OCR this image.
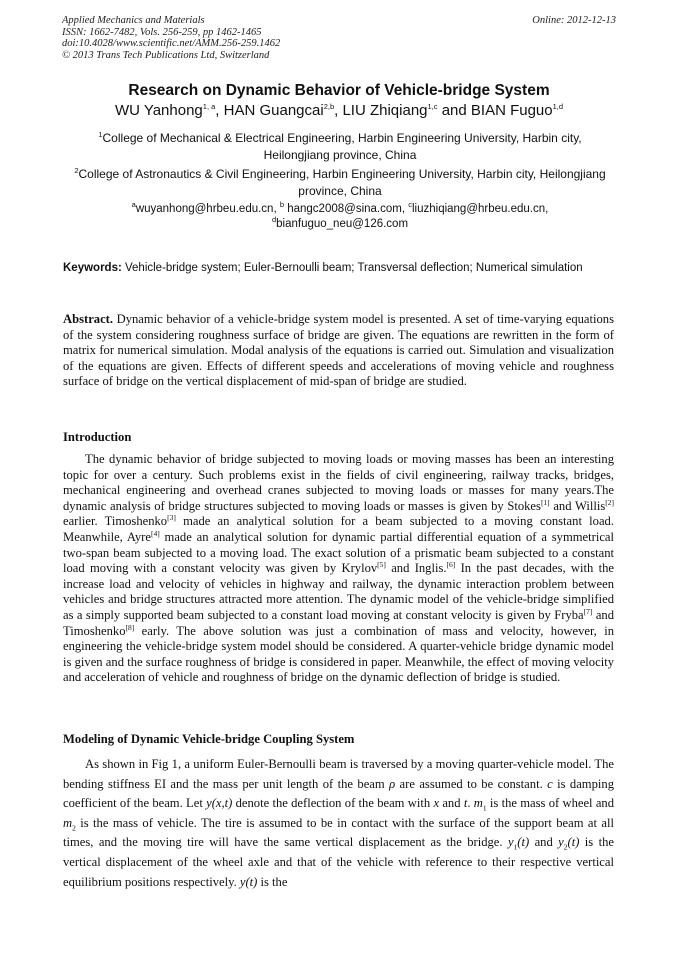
Applied Mechanics and Materials
ISSN: 1662-7482, Vols. 256-259, pp 1462-1465
doi:10.4028/www.scientific.net/AMM.256-259.1462
© 2013 Trans Tech Publications Ltd, Switzerland
Online: 2012-12-13
Research on Dynamic Behavior of Vehicle-bridge System
WU Yanhong$^{1, a}$, HAN Guangcai$^{2,b}$, LIU Zhiqiang$^{1,c}$ and BIAN Fuguo$^{1,d}$
$^1$College of Mechanical & Electrical Engineering, Harbin Engineering University, Harbin city, Heilongjiang province, China
$^2$College of Astronautics & Civil Engineering, Harbin Engineering University, Harbin city, Heilongjiang province, China
$^a$wuyanhong@hrbeu.edu.cn, $^b$ hangc2008@sina.com, $^c$liuzhiqiang@hrbeu.edu.cn,
$^d$bianfuguo_neu@126.com
Keywords: Vehicle-bridge system; Euler-Bernoulli beam; Transversal deflection; Numerical simulation
Abstract. Dynamic behavior of a vehicle-bridge system model is presented. A set of time-varying equations of the system considering roughness surface of bridge are given. The equations are rewritten in the form of matrix for numerical simulation. Modal analysis of the equations is carried out. Simulation and visualization of the equations are given. Effects of different speeds and accelerations of moving vehicle and roughness surface of bridge on the vertical displacement of mid-span of bridge are studied.
Introduction
The dynamic behavior of bridge subjected to moving loads or moving masses has been an interesting topic for over a century. Such problems exist in the fields of civil engineering, railway tracks, bridges, mechanical engineering and overhead cranes subjected to moving loads or masses for many years.The dynamic analysis of bridge structures subjected to moving loads or masses is given by Stokes[1] and Willis[2] earlier. Timoshenko[3] made an analytical solution for a beam subjected to a moving constant load. Meanwhile, Ayre[4] made an analytical solution for dynamic partial differential equation of a symmetrical two-span beam subjected to a moving load. The exact solution of a prismatic beam subjected to a constant load moving with a constant velocity was given by Krylov[5] and Inglis.[6] In the past decades, with the increase load and velocity of vehicles in highway and railway, the dynamic interaction problem between vehicles and bridge structures attracted more attention. The dynamic model of the vehicle-bridge simplified as a simply supported beam subjected to a constant load moving at constant velocity is given by Fryba[7] and Timoshenko[8] early. The above solution was just a combination of mass and velocity, however, in engineering the vehicle-bridge system model should be considered. A quarter-vehicle bridge dynamic model is given and the surface roughness of bridge is considered in paper. Meanwhile, the effect of moving velocity and acceleration of vehicle and roughness of bridge on the dynamic deflection of bridge is studied.
Modeling of Dynamic Vehicle-bridge Coupling System
As shown in Fig 1, a uniform Euler-Bernoulli beam is traversed by a moving quarter-vehicle model. The bending stiffness EI and the mass per unit length of the beam ρ are assumed to be constant. c is damping coefficient of the beam. Let y(x,t) denote the deflection of the beam with x and t. $m_1$ is the mass of wheel and $m_2$ is the mass of vehicle. The tire is assumed to be in contact with the surface of the support beam at all times, and the moving tire will have the same vertical displacement as the bridge. $y_1(t)$ and $y_2(t)$ is the vertical displacement of the wheel axle and that of the vehicle with reference to their respective vertical equilibrium positions respectively. y(t) is the
